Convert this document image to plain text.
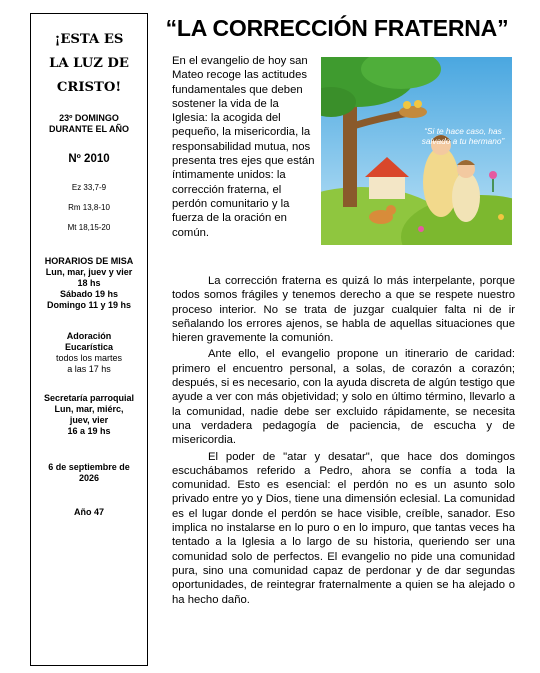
¡ESTA ES
LA LUZ DE
CRISTO!
23º DOMINGO
DURANTE EL AÑO
Nº 2010
Ez 33,7-9
Rm 13,8-10
Mt 18,15-20
HORARIOS DE MISA
Lun, mar, juev y vier
18 hs
Sábado 19 hs
Domingo 11 y 19 hs
Adoración
Eucarística
todos los martes
a las 17 hs
Secretaría parroquial
Lun, mar, miérc,
juev, vier
16 a 19 hs
6 de septiembre de
2026
Año 47
“LA CORRECCIÓN FRATERNA”
En el evangelio de hoy san Mateo recoge las actitudes fundamentales que deben sostener la vida de la Iglesia: la acogida del pequeño, la misericordia, la responsabilidad mutua, nos presenta tres ejes que están íntimamente unidos: la corrección fraterna, el perdón comunitario y la fuerza de la oración en común.
“Si te hace caso, has
salvado a tu hermano”

La corrección fraterna es quizá lo más interpelante, porque todos somos frágiles y tenemos derecho a que se respete nuestro proceso interior. No se trata de juzgar cualquier falta ni de ir señalando los errores ajenos, se habla de aquellas situaciones que hieren gravemente la comunión.

Ante ello, el evangelio propone un itinerario de caridad: primero el encuentro personal, a solas, de corazón a corazón; después, si es necesario, con la ayuda discreta de algún testigo que ayude a ver con más objetividad; y solo en último término, llevarlo a la comunidad, nadie debe ser excluido rápidamente, se necesita una verdadera pedagogía de paciencia, de escucha y de misericordia.

El poder de "atar y desatar", que hace dos domingos escuchábamos referido a Pedro, ahora se confía a toda la comunidad. Esto es esencial: el perdón no es un asunto solo privado entre yo y Dios, tiene una dimensión eclesial. La comunidad es el lugar donde el perdón se hace visible, creíble, sanador. Eso implica no instalarse en lo puro o en lo impuro, que tantas veces ha tentado a la Iglesia a lo largo de su historia, queriendo ser una comunidad solo de perfectos. El evangelio no pide una comunidad pura, sino una comunidad capaz de perdonar y de dar segundas oportunidades, de reintegrar fraternalmente a quien se ha alejado o ha hecho daño.
